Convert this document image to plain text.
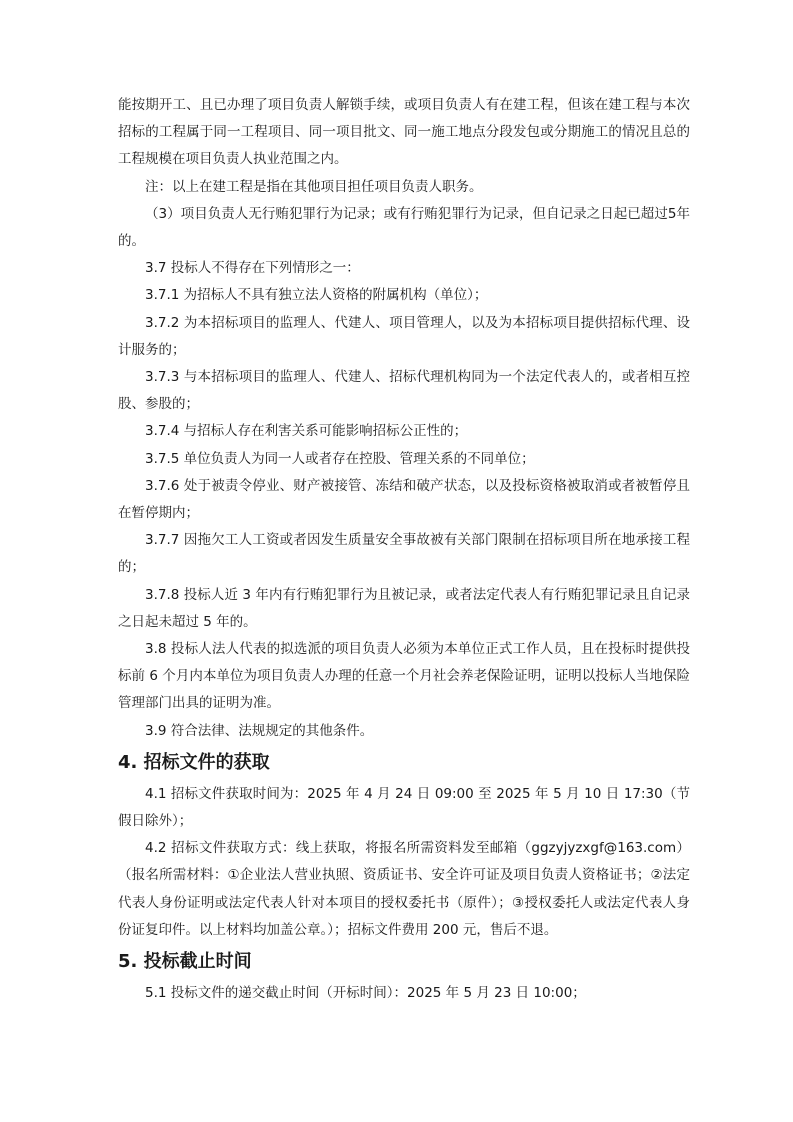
能按期开工、且已办理了项目负责人解锁手续，或项目负责人有在建工程，但该在建工程与本次招标的工程属于同一工程项目、同一项目批文、同一施工地点分段发包或分期施工的情况且总的工程规模在项目负责人执业范围之内。

注：以上在建工程是指在其他项目担任项目负责人职务。

（3）项目负责人无行贿犯罪行为记录；或有行贿犯罪行为记录，但自记录之日起已超过5年的。

3.7 投标人不得存在下列情形之一：

3.7.1 为招标人不具有独立法人资格的附属机构（单位）；

3.7.2 为本招标项目的监理人、代建人、项目管理人，以及为本招标项目提供招标代理、设计服务的；

3.7.3 与本招标项目的监理人、代建人、招标代理机构同为一个法定代表人的，或者相互控股、参股的；

3.7.4 与招标人存在利害关系可能影响招标公正性的；

3.7.5 单位负责人为同一人或者存在控股、管理关系的不同单位；

3.7.6 处于被责令停业、财产被接管、冻结和破产状态，以及投标资格被取消或者被暂停且在暂停期内；

3.7.7 因拖欠工人工资或者因发生质量安全事故被有关部门限制在招标项目所在地承接工程的；

3.7.8 投标人近 3 年内有行贿犯罪行为且被记录，或者法定代表人有行贿犯罪记录且自记录之日起未超过 5 年的。

3.8 投标人法人代表的拟选派的项目负责人必须为本单位正式工作人员，且在投标时提供投标前 6 个月内本单位为项目负责人办理的任意一个月社会养老保险证明，证明以投标人当地保险管理部门出具的证明为准。

3.9 符合法律、法规规定的其他条件。

4. 招标文件的获取

4.1 招标文件获取时间为：2025 年 4 月 24 日 09:00 至 2025 年 5 月 10 日 17:30（节假日除外）；

4.2 招标文件获取方式：线上获取，将报名所需资料发至邮箱（ggzyjyzxgf@163.com）（报名所需材料：①企业法人营业执照、资质证书、安全许可证及项目负责人资格证书；②法定代表人身份证明或法定代表人针对本项目的授权委托书（原件）；③授权委托人或法定代表人身份证复印件。以上材料均加盖公章。）；招标文件费用 200 元，售后不退。

5. 投标截止时间

5.1 投标文件的递交截止时间（开标时间）：2025 年 5 月 23 日 10:00；
